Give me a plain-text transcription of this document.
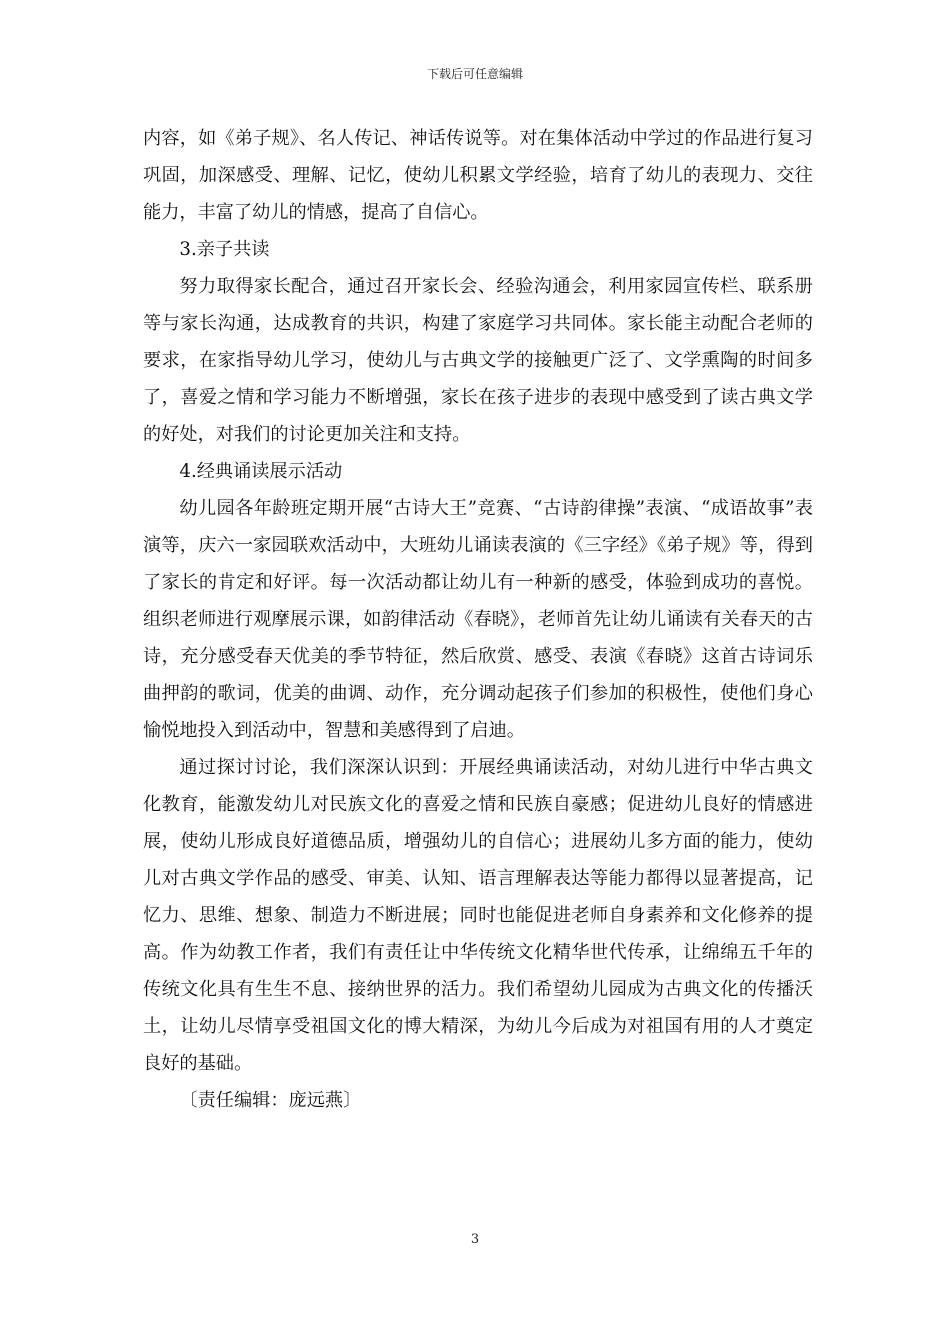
下载后可任意编辑

内容，如《弟子规》、名人传记、神话传说等。对在集体活动中学过的作品进行复习巩固，加深感受、理解、记忆，使幼儿积累文学经验，培育了幼儿的表现力、交往能力，丰富了幼儿的情感，提高了自信心。

3.亲子共读

努力取得家长配合，通过召开家长会、经验沟通会，利用家园宣传栏、联系册等与家长沟通，达成教育的共识，构建了家庭学习共同体。家长能主动配合老师的要求，在家指导幼儿学习，使幼儿与古典文学的接触更广泛了、文学熏陶的时间多了，喜爱之情和学习能力不断增强，家长在孩子进步的表现中感受到了读古典文学的好处，对我们的讨论更加关注和支持。

4.经典诵读展示活动

幼儿园各年龄班定期开展“古诗大王”竞赛、“古诗韵律操”表演、“成语故事”表演等，庆六一家园联欢活动中，大班幼儿诵读表演的《三字经》《弟子规》等，得到了家长的肯定和好评。每一次活动都让幼儿有一种新的感受，体验到成功的喜悦。组织老师进行观摩展示课，如韵律活动《春晓》，老师首先让幼儿诵读有关春天的古诗，充分感受春天优美的季节特征，然后欣赏、感受、表演《春晓》这首古诗词乐曲押韵的歌词，优美的曲调、动作，充分调动起孩子们参加的积极性，使他们身心愉悦地投入到活动中，智慧和美感得到了启迪。

通过探讨讨论，我们深深认识到：开展经典诵读活动，对幼儿进行中华古典文化教育，能激发幼儿对民族文化的喜爱之情和民族自豪感；促进幼儿良好的情感进展，使幼儿形成良好道德品质，增强幼儿的自信心；进展幼儿多方面的能力，使幼儿对古典文学作品的感受、审美、认知、语言理解表达等能力都得以显著提高，记忆力、思维、想象、制造力不断进展；同时也能促进老师自身素养和文化修养的提高。作为幼教工作者，我们有责任让中华传统文化精华世代传承，让绵绵五千年的传统文化具有生生不息、接纳世界的活力。我们希望幼儿园成为古典文化的传播沃土，让幼儿尽情享受祖国文化的博大精深，为幼儿今后成为对祖国有用的人才奠定良好的基础。

〔责任编辑：庞远燕〕

3
